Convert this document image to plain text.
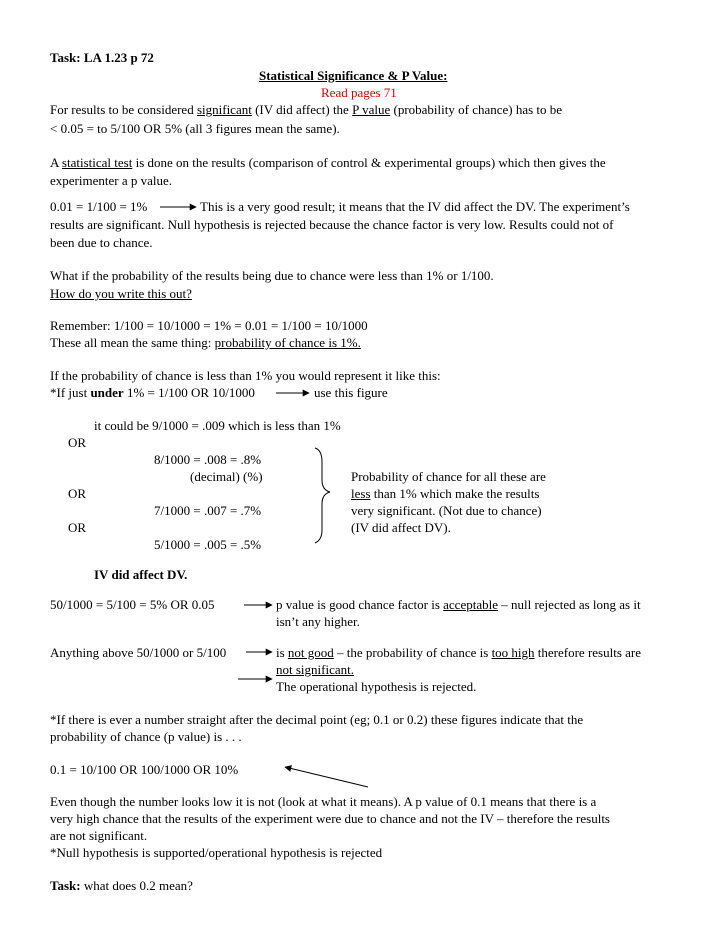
Task: LA 1.23 p 72
Statistical Significance & P Value:
Read pages 71
For results to be considered significant (IV did affect) the P value (probability of chance) has to be
< 0.05 = to 5/100 OR 5% (all 3 figures mean the same).
A statistical test is done on the results (comparison of control & experimental groups) which then gives the
experimenter a p value.
0.01 = 1/100 = 1%	This is a very good result; it means that the IV did affect the DV. The experiment’s
results are significant. Null hypothesis is rejected because the chance factor is very low. Results could not of
been due to chance.
What if the probability of the results being due to chance were less than 1% or 1/100.
How do you write this out?
Remember: 1/100 = 10/1000 = 1% = 0.01 = 1/100 = 10/1000
These all mean the same thing: probability of chance is 1%.
If the probability of chance is less than 1% you would represent it like this:
*If just under 1% = 1/100 OR 10/1000	use this figure
it could be 9/1000 = .009 which is less than 1%
OR
8/1000 = .008 = .8%
(decimal) (%)
OR
7/1000 = .007 = .7%
OR
5/1000 = .005 = .5%
Probability of chance for all these are
less than 1% which make the results
very significant. (Not due to chance)
(IV did affect DV).
IV did affect DV.
50/1000 = 5/100 = 5% OR 0.05	p value is good chance factor is acceptable – null rejected as long as it
isn’t any higher.
Anything above 50/1000 or 5/100	is not good – the probability of chance is too high therefore results are
not significant.
The operational hypothesis is rejected.
*If there is ever a number straight after the decimal point (eg; 0.1 or 0.2) these figures indicate that the
probability of chance (p value) is . . .
0.1 = 10/100 OR 100/1000 OR 10%
Even though the number looks low it is not (look at what it means). A p value of 0.1 means that there is a
very high chance that the results of the experiment were due to chance and not the IV – therefore the results
are not significant.
*Null hypothesis is supported/operational hypothesis is rejected
Task: what does 0.2 mean?
